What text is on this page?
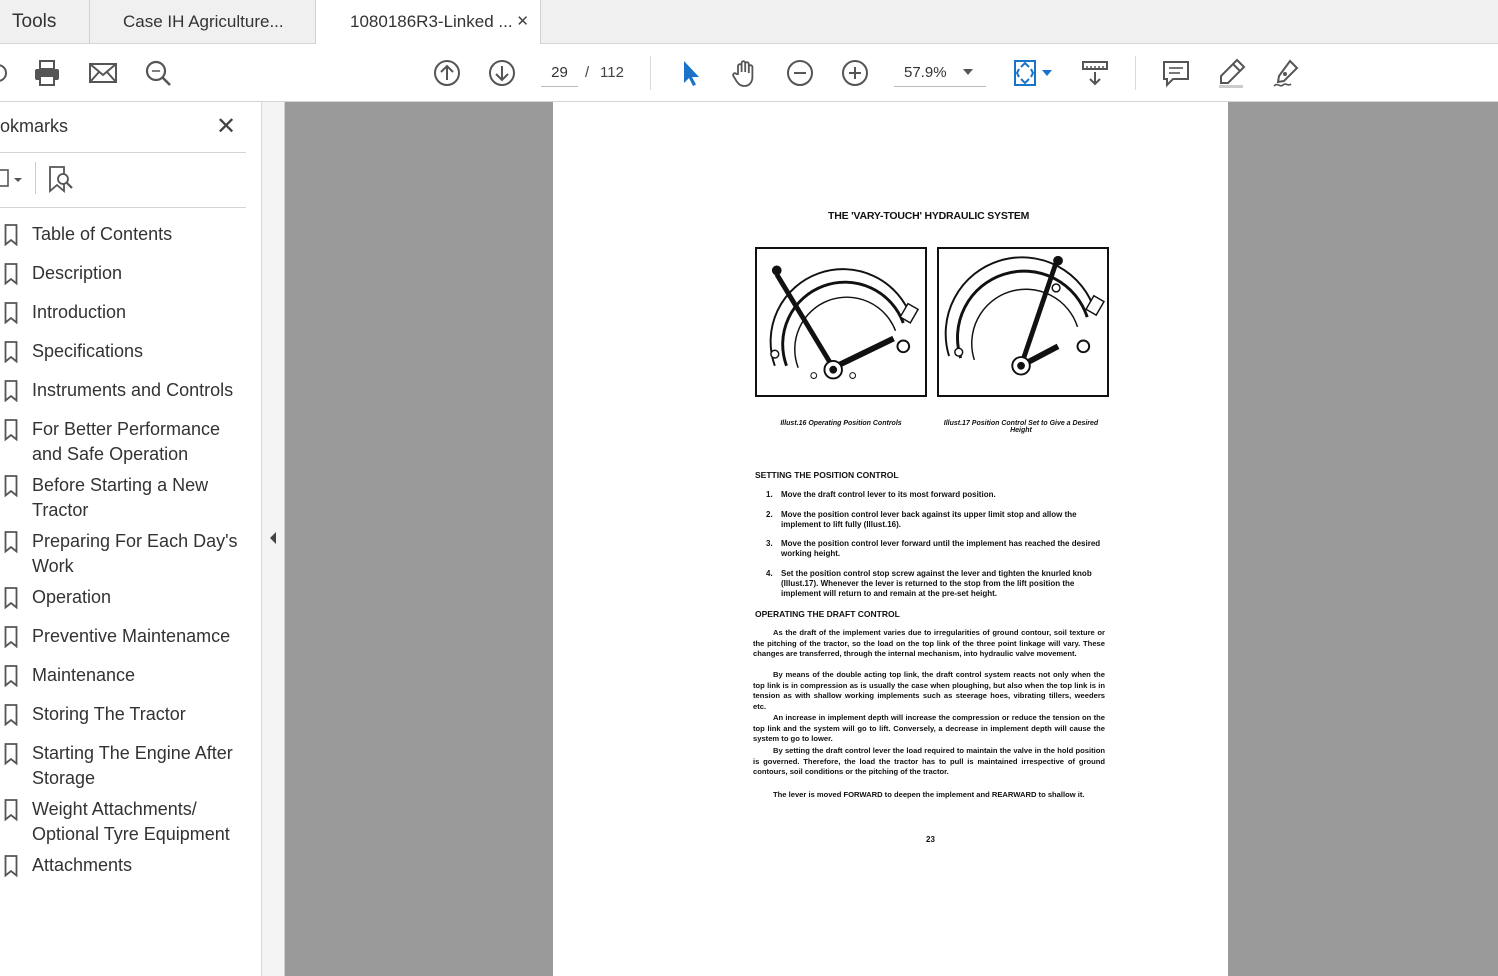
Tools	Case IH Agriculture...	1080186R3-Linked ... ✕
29	/ 112	57.9%
okmarks	✕
Table of Contents
Description
Introduction
Specifications
Instruments and Controls
For Better Performance and Safe Operation
Before Starting a New Tractor
Preparing For Each Day's Work
Operation
Preventive Maintenamce
Maintenance
Storing The Tractor
Starting The Engine After Storage
Weight Attachments/ Optional Tyre Equipment
Attachments
THE 'VARY-TOUCH' HYDRAULIC SYSTEM
Illust.16 Operating Position Controls	Illust.17 Position Control Set to Give a Desired Height
SETTING THE POSITION CONTROL
1. Move the draft control lever to its most forward position.
2. Move the position control lever back against its upper limit stop and allow the implement to lift fully (Illust.16).
3. Move the position control lever forward until the implement has reached the desired working height.
4. Set the position control stop screw against the lever and tighten the knurled knob (Illust.17). Whenever the lever is returned to the stop from the lift position the implement will return to and remain at the pre-set height.
OPERATING THE DRAFT CONTROL
As the draft of the implement varies due to irregularities of ground contour, soil texture or the pitching of the tractor, so the load on the top link of the three point linkage will vary. These changes are transferred, through the internal mechanism, into hydraulic valve movement.
By means of the double acting top link, the draft control system reacts not only when the top link is in compression as is usually the case when ploughing, but also when the top link is in tension as with shallow working implements such as steerage hoes, vibrating tillers, weeders etc.
An increase in implement depth will increase the compression or reduce the tension on the top link and the system will go to lift. Conversely, a decrease in implement depth will cause the system to go to lower.
By setting the draft control lever the load required to maintain the valve in the hold position is governed. Therefore, the load the tractor has to pull is maintained irrespective of ground contours, soil conditions or the pitching of the tractor.
The lever is moved FORWARD to deepen the implement and REARWARD to shallow it.
23
